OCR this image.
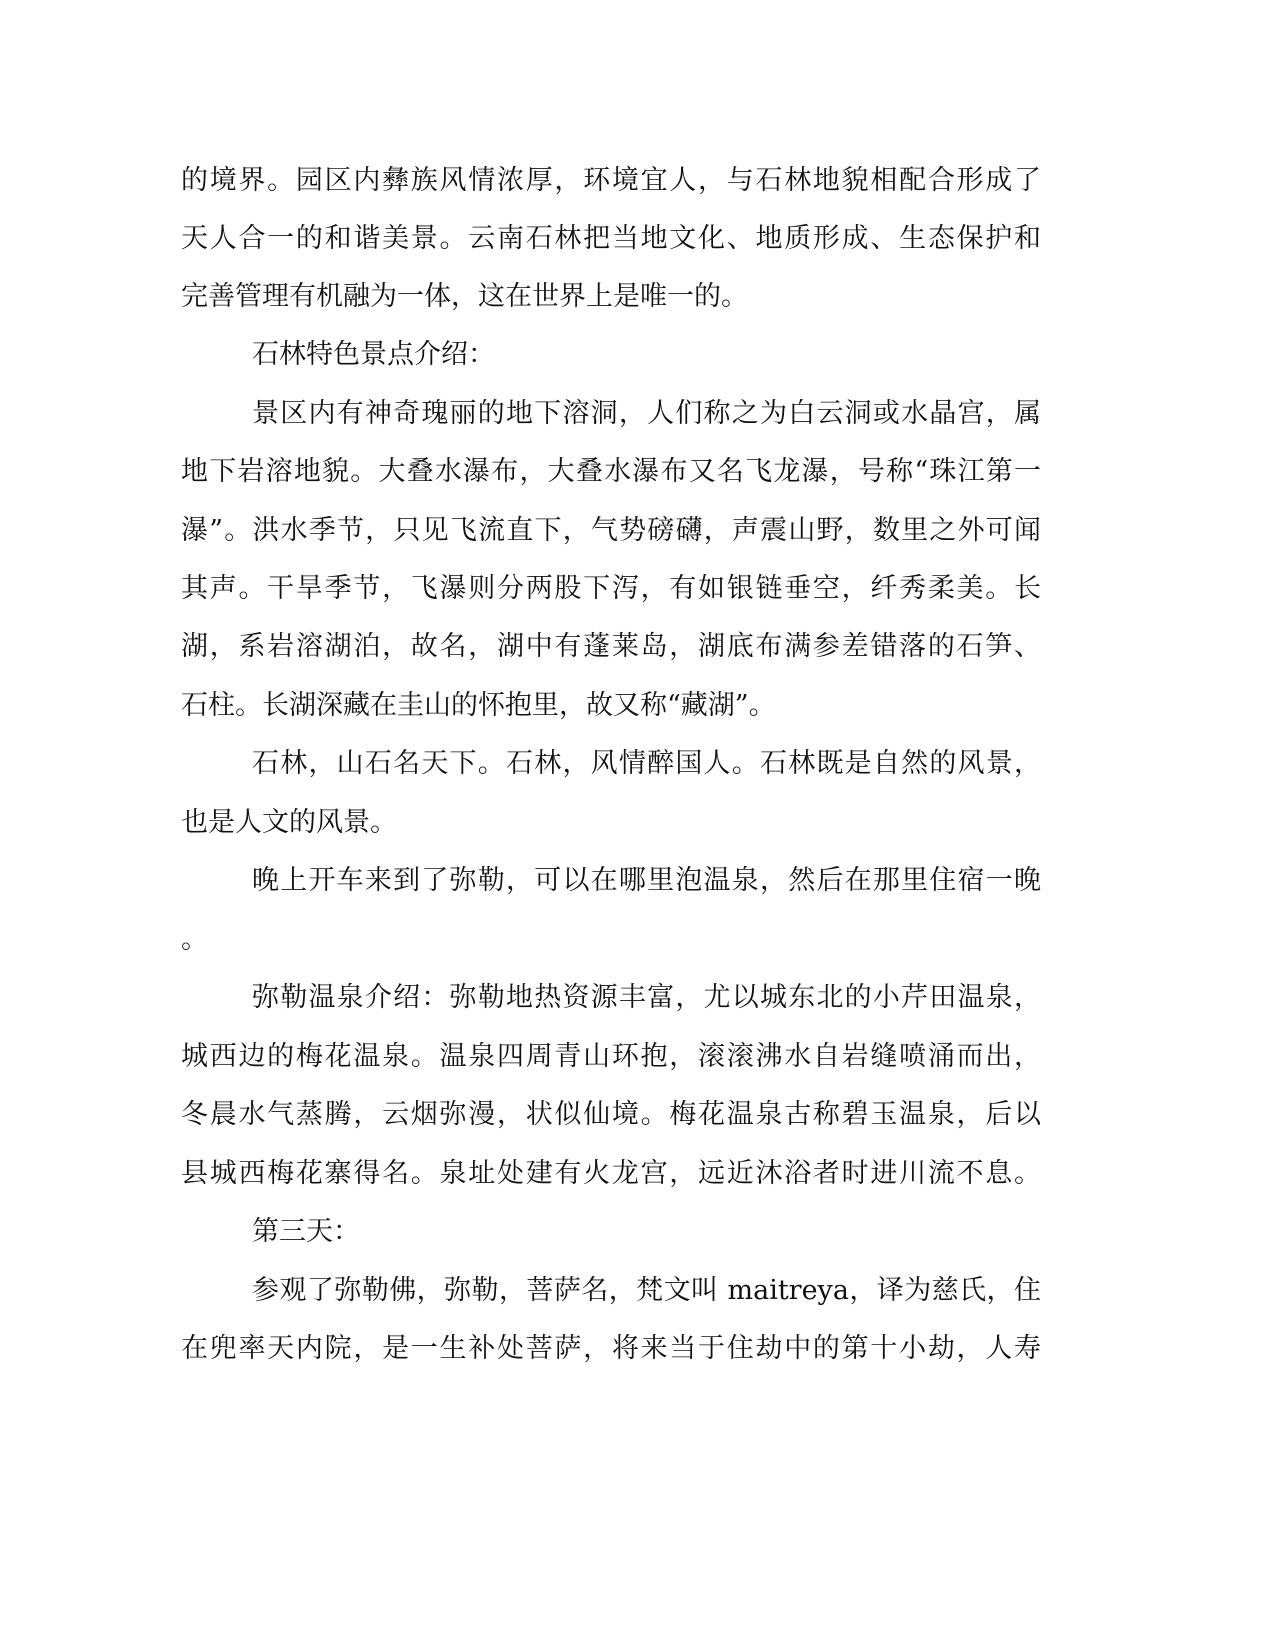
的境界。园区内彝族风情浓厚，环境宜人，与石林地貌相配合形成了
天人合一的和谐美景。云南石林把当地文化、地质形成、生态保护和
完善管理有机融为一体，这在世界上是唯一的。
石林特色景点介绍：
景区内有神奇瑰丽的地下溶洞，人们称之为白云洞或水晶宫，属
地下岩溶地貌。大叠水瀑布，大叠水瀑布又名飞龙瀑，号称“珠江第一
瀑”。洪水季节，只见飞流直下，气势磅礴，声震山野，数里之外可闻
其声。干旱季节，飞瀑则分两股下泻，有如银链垂空，纤秀柔美。长
湖，系岩溶湖泊，故名，湖中有蓬莱岛，湖底布满参差错落的石笋、
石柱。长湖深藏在圭山的怀抱里，故又称“藏湖”。
石林，山石名天下。石林，风情醉国人。石林既是自然的风景，
也是人文的风景。
晚上开车来到了弥勒，可以在哪里泡温泉，然后在那里住宿一晚
。
弥勒温泉介绍：弥勒地热资源丰富，尤以城东北的小芹田温泉，
城西边的梅花温泉。温泉四周青山环抱，滚滚沸水自岩缝喷涌而出，
冬晨水气蒸腾，云烟弥漫，状似仙境。梅花温泉古称碧玉温泉，后以
县城西梅花寨得名。泉址处建有火龙宫，远近沐浴者时进川流不息。
第三天：
参观了弥勒佛，弥勒，菩萨名，梵文叫 maitreya，译为慈氏，住
在兜率天内院，是一生补处菩萨，将来当于住劫中的第十小劫，人寿
